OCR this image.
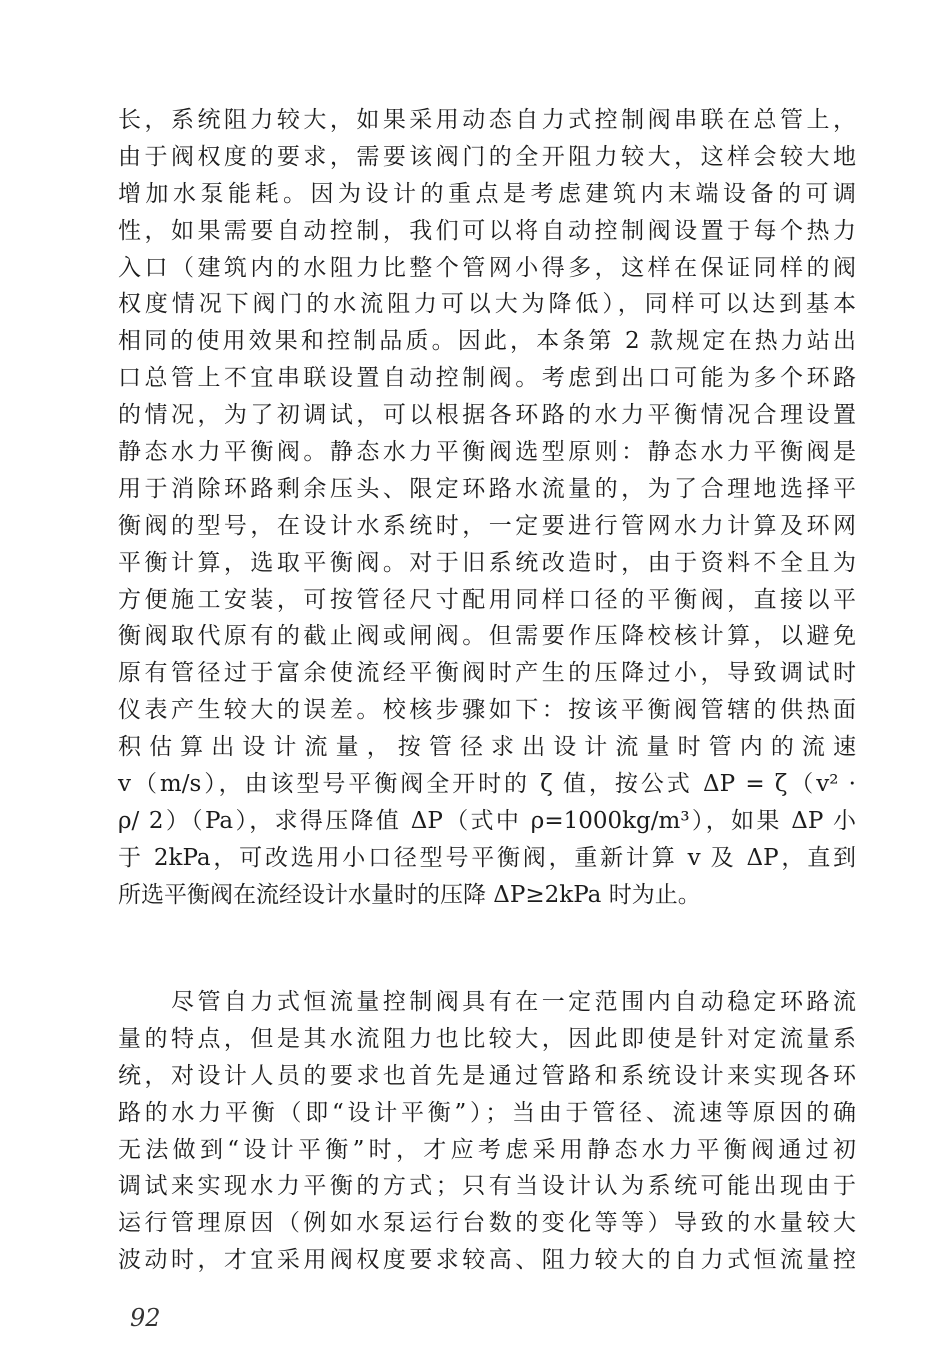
长，系统阻力较大，如果采用动态自力式控制阀串联在总管上，
由于阀权度的要求，需要该阀门的全开阻力较大，这样会较大地
增加水泵能耗。因为设计的重点是考虑建筑内末端设备的可调
性，如果需要自动控制，我们可以将自动控制阀设置于每个热力
入口（建筑内的水阻力比整个管网小得多，这样在保证同样的阀
权度情况下阀门的水流阻力可以大为降低），同样可以达到基本
相同的使用效果和控制品质。因此，本条第 2 款规定在热力站出
口总管上不宜串联设置自动控制阀。考虑到出口可能为多个环路
的情况，为了初调试，可以根据各环路的水力平衡情况合理设置
静态水力平衡阀。静态水力平衡阀选型原则：静态水力平衡阀是
用于消除环路剩余压头、限定环路水流量的，为了合理地选择平
衡阀的型号，在设计水系统时，一定要进行管网水力计算及环网
平衡计算，选取平衡阀。对于旧系统改造时，由于资料不全且为
方便施工安装，可按管径尺寸配用同样口径的平衡阀，直接以平
衡阀取代原有的截止阀或闸阀。但需要作压降校核计算，以避免
原有管径过于富余使流经平衡阀时产生的压降过小，导致调试时
仪表产生较大的误差。校核步骤如下：按该平衡阀管辖的供热面
积估算出设计流量，按管径求出设计流量时管内的流速
v（m/s），由该型号平衡阀全开时的 ζ 值，按公式 ΔP = ζ（v² ·
ρ/ 2）（Pa），求得压降值 ΔP（式中 ρ=1000kg/m³），如果 ΔP 小
于 2kPa，可改选用小口径型号平衡阀，重新计算 v 及 ΔP，直到
所选平衡阀在流经设计水量时的压降 ΔP≥2kPa 时为止。
　　尽管自力式恒流量控制阀具有在一定范围内自动稳定环路流
量的特点，但是其水流阻力也比较大，因此即使是针对定流量系
统，对设计人员的要求也首先是通过管路和系统设计来实现各环
路的水力平衡（即“设计平衡”）；当由于管径、流速等原因的确
无法做到“设计平衡”时，才应考虑采用静态水力平衡阀通过初
调试来实现水力平衡的方式；只有当设计认为系统可能出现由于
运行管理原因（例如水泵运行台数的变化等等）导致的水量较大
波动时，才宜采用阀权度要求较高、阻力较大的自力式恒流量控
92
